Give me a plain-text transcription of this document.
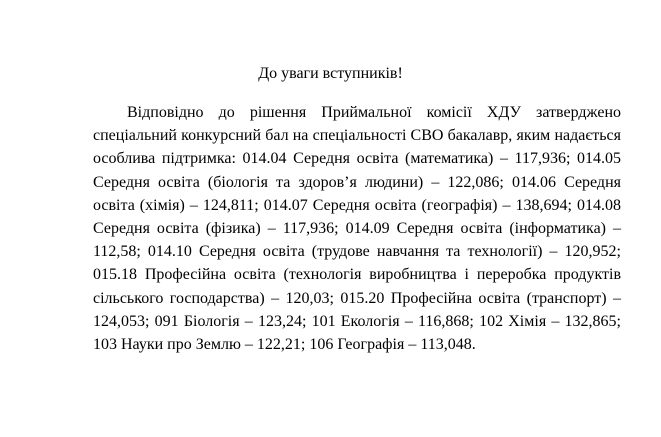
До уваги вступників!

Відповідно до рішення Приймальної комісії ХДУ затверджено спеціальний конкурсний бал на спеціальності СВО бакалавр, яким надається особлива підтримка: 014.04 Середня освіта (математика) – 117,936; 014.05 Середня освіта (біологія та здоров’я людини) – 122,086; 014.06 Середня освіта (хімія) – 124,811; 014.07 Середня освіта (географія) – 138,694; 014.08 Середня освіта (фізика) – 117,936; 014.09 Середня освіта (інформатика) – 112,58; 014.10 Середня освіта (трудове навчання та технології) – 120,952; 015.18 Професійна освіта (технологія виробництва і переробка продуктів сільського господарства) – 120,03; 015.20 Професійна освіта (транспорт) – 124,053; 091 Біологія – 123,24; 101 Екологія – 116,868; 102 Хімія – 132,865; 103 Науки про Землю – 122,21; 106 Географія – 113,048.
